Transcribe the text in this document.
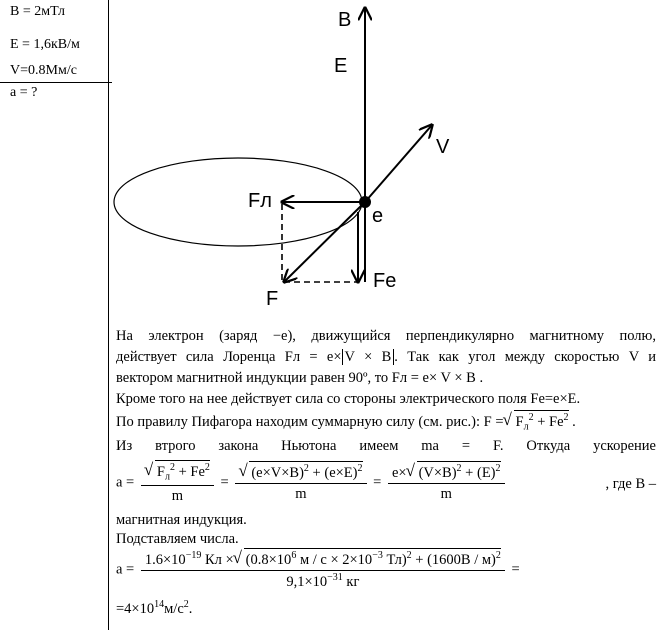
B = 2мТл
E = 1,6кВ/м
V=0.8Мм/с
a = ?
B
E
V
Fл
e
Fe
F
На электрон (заряд −e), движущийся перпендикулярно магнитному полю,
действует сила Лоренца Fл = e× V × B . Так как угол между скоростью V и
вектором магнитной индукции равен 90º, то Fл = e× V × B .
Кроме того на нее действует сила со стороны электрического поля Fe=e×E.
По правилу Пифагора находим суммарную силу (см. рис.): F = √ $F_л^2 + Fe^2$ .
Из втрого закона Ньютона имеем ma = F. Откуда ускорение
a = √ $\frac{F_л^2 + Fe^2}{m}$ = √ $\frac{(e\times V\times B)^2 + (e\times E)^2}{m} = \frac{e\times √ (V\times B)^2 + (E)^2}{m}$	, где B –
магнитная индукция.
Подставляем числа.
$a = \frac{1.6\times 10^{-19} Кл \times √ (0.8\times 10^6 м / с \times 2\times 10^{-3} Тл)^2 + (1600В / м)^2}{9,1\times 10^{-31} кг}$ =
$=4\times 10^{14}м/с^2$.
